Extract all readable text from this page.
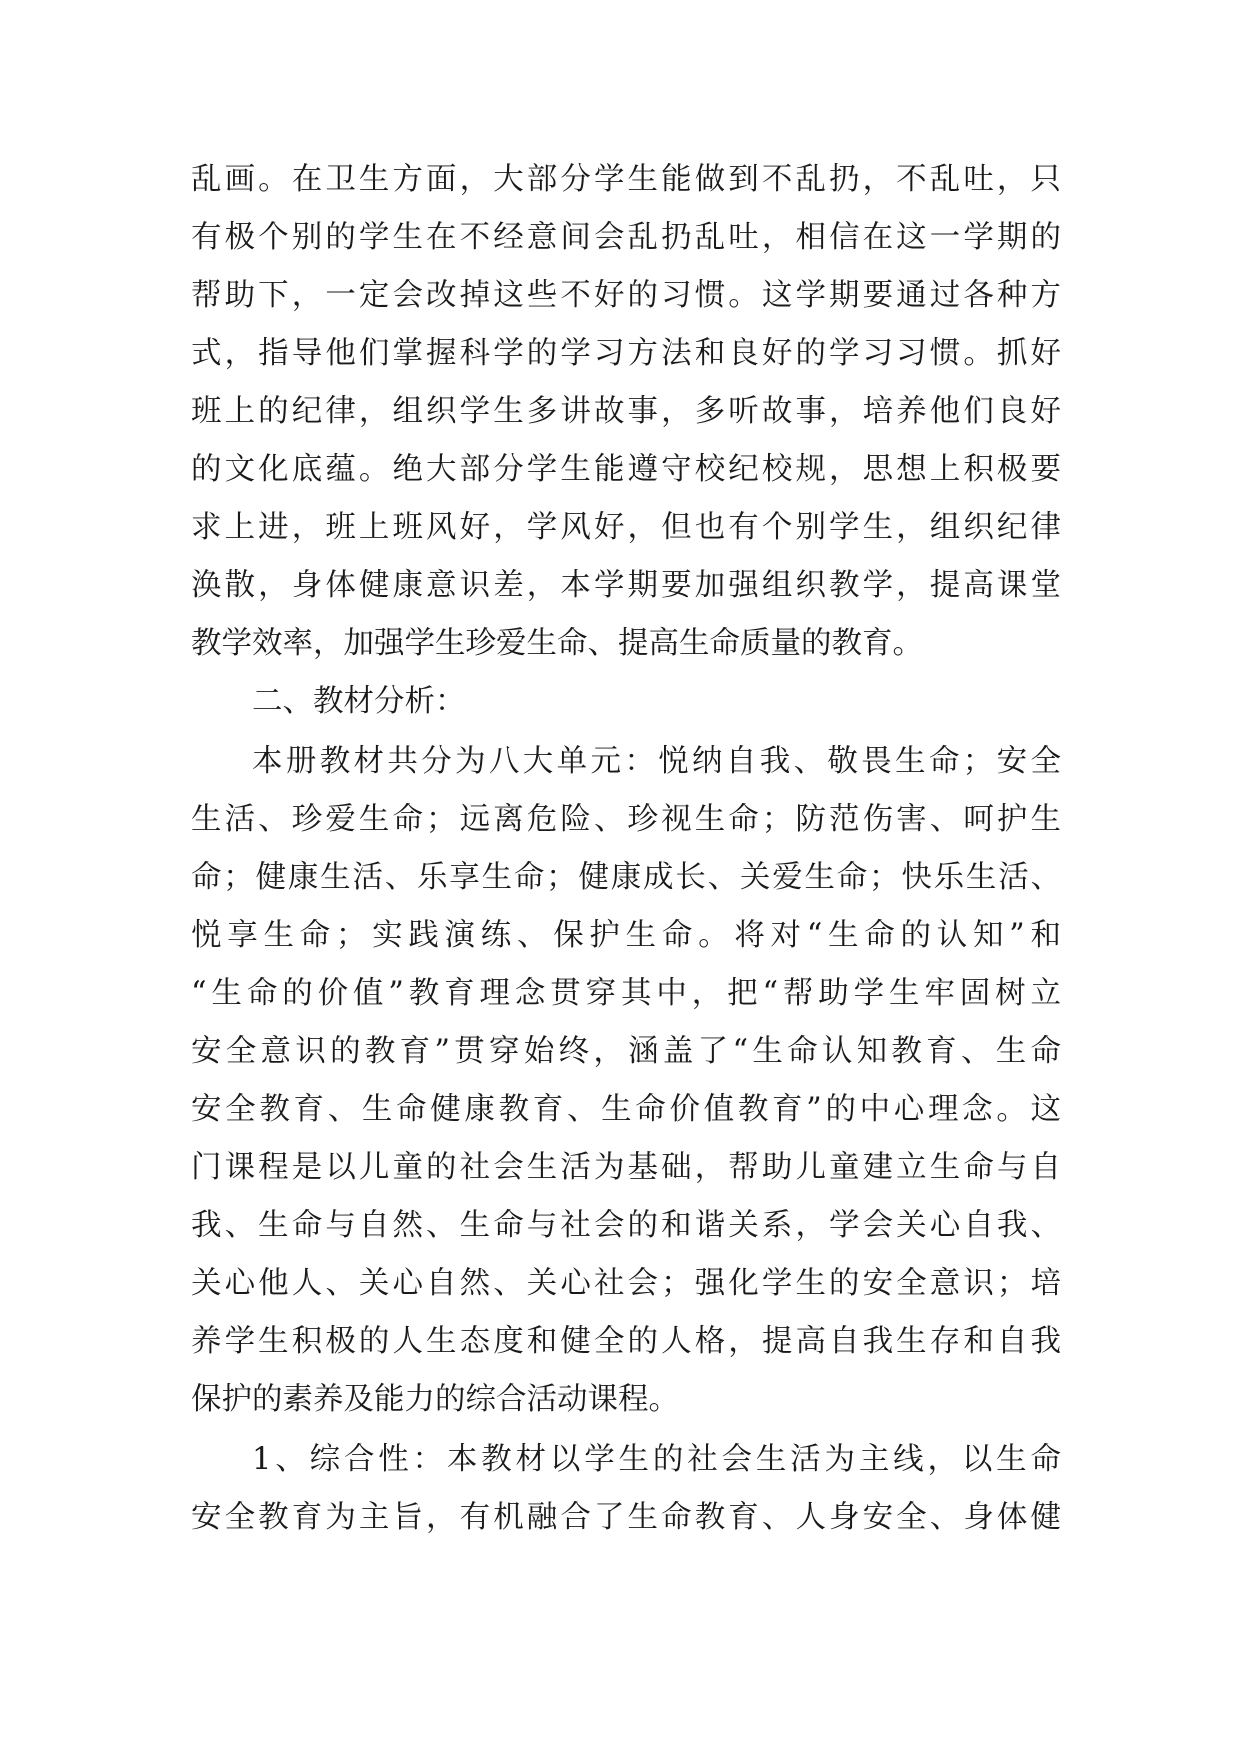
乱画。在卫生方面，大部分学生能做到不乱扔，不乱吐，只
有极个别的学生在不经意间会乱扔乱吐，相信在这一学期的
帮助下，一定会改掉这些不好的习惯。这学期要通过各种方
式，指导他们掌握科学的学习方法和良好的学习习惯。抓好
班上的纪律，组织学生多讲故事，多听故事，培养他们良好
的文化底蕴。绝大部分学生能遵守校纪校规，思想上积极要
求上进，班上班风好，学风好，但也有个别学生，组织纪律
涣散，身体健康意识差，本学期要加强组织教学，提高课堂
教学效率，加强学生珍爱生命、提高生命质量的教育。
二、教材分析：
本册教材共分为八大单元：悦纳自我、敬畏生命；安全
生活、珍爱生命；远离危险、珍视生命；防范伤害、呵护生
命；健康生活、乐享生命；健康成长、关爱生命；快乐生活、
悦享生命；实践演练、保护生命。将对“生命的认知”和
“生命的价值”教育理念贯穿其中，把“帮助学生牢固树立
安全意识的教育”贯穿始终，涵盖了“生命认知教育、生命
安全教育、生命健康教育、生命价值教育”的中心理念。这
门课程是以儿童的社会生活为基础，帮助儿童建立生命与自
我、生命与自然、生命与社会的和谐关系，学会关心自我、
关心他人、关心自然、关心社会；强化学生的安全意识；培
养学生积极的人生态度和健全的人格，提高自我生存和自我
保护的素养及能力的综合活动课程。
1、综合性：本教材以学生的社会生活为主线，以生命
安全教育为主旨，有机融合了生命教育、人身安全、身体健
